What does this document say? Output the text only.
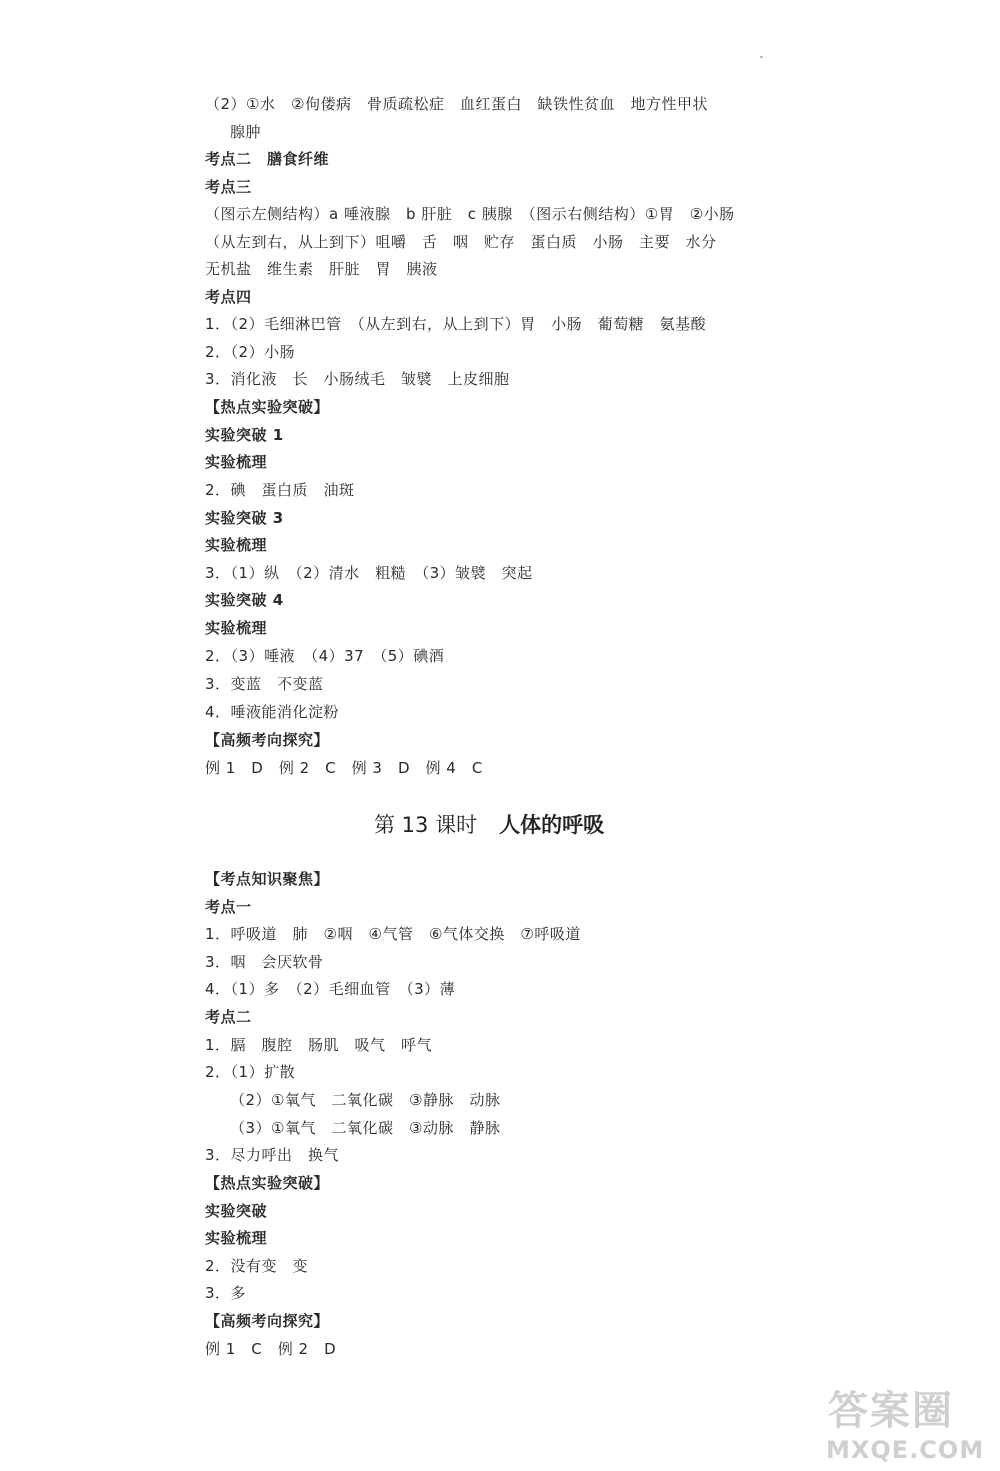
（2）①水　②佝偻病　骨质疏松症　血红蛋白　缺铁性贫血　地方性甲状
腺肿
考点二　膳食纤维
考点三
（图示左侧结构）a 唾液腺　b 肝脏　c 胰腺　（图示右侧结构）①胃　②小肠
（从左到右，从上到下）咀嚼　舌　咽　贮存　蛋白质　小肠　主要　水分
无机盐　维生素　肝脏　胃　胰液
考点四
1．（2）毛细淋巴管　（从左到右，从上到下）胃　小肠　葡萄糖　氨基酸
2．（2）小肠
3．消化液　长　小肠绒毛　皱襞　上皮细胞
【热点实验突破】
实验突破 1
实验梳理
2．碘　蛋白质　油斑
实验突破 3
实验梳理
3．（1）纵　（2）清水　粗糙　（3）皱襞　突起
实验突破 4
实验梳理
2．（3）唾液　（4）37　（5）碘酒
3．变蓝　不变蓝
4．唾液能消化淀粉
【高频考向探究】
例 1　D　例 2　C　例 3　D　例 4　C
第 13 课时 人体的呼吸
【考点知识聚焦】
考点一
1．呼吸道　肺　②咽　④气管　⑥气体交换　⑦呼吸道
3．咽　会厌软骨
4．（1）多　（2）毛细血管　（3）薄
考点二
1．膈　腹腔　肠肌　吸气　呼气
2．（1）扩散
（2）①氧气　二氧化碳　③静脉　动脉
（3）①氧气　二氧化碳　③动脉　静脉
3．尽力呼出　换气
【热点实验突破】
实验突破
实验梳理
2．没有变　变
3．多
【高频考向探究】
例 1　C　例 2　D
答案圈
MXQE.COM
